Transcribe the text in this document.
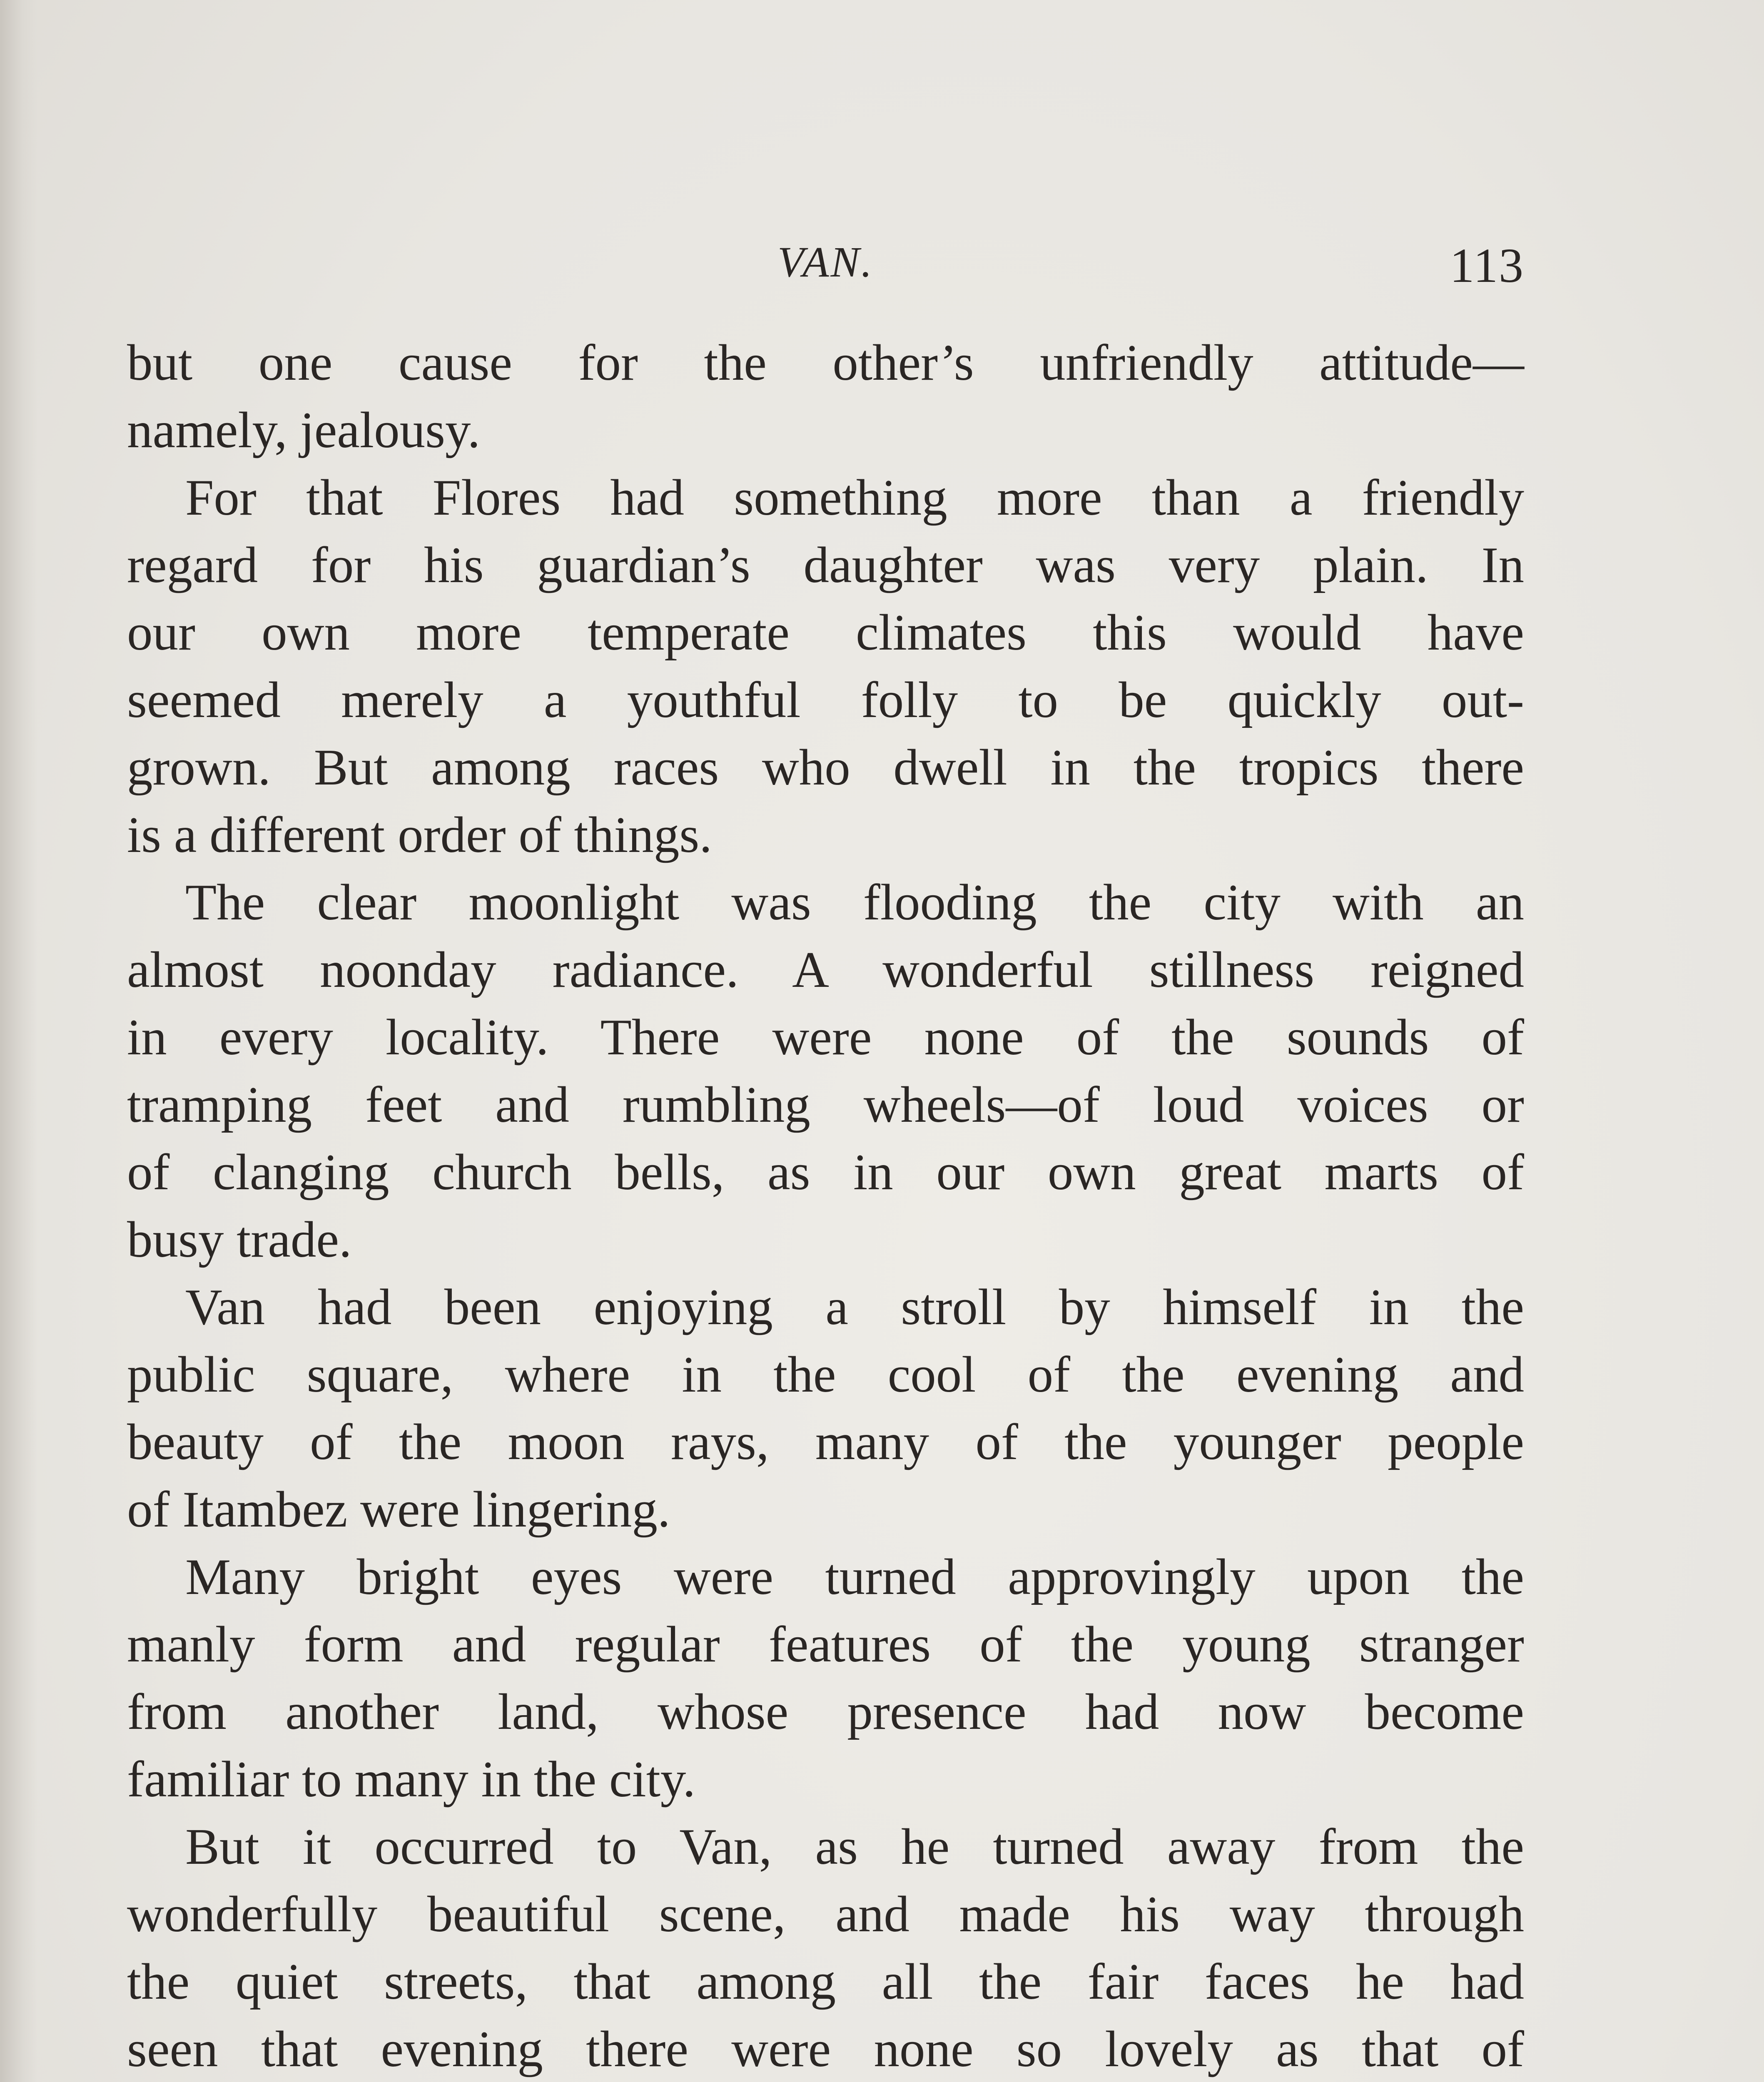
VAN.	113

but one cause for the other’s unfriendly attitude—

namely, jealousy.

For that Flores had something more than a friendly

regard for his guardian’s daughter was very plain. In

our own more temperate climates this would have

seemed merely a youthful folly to be quickly out-

grown. But among races who dwell in the tropics there

is a different order of things.

The clear moonlight was flooding the city with an

almost noonday radiance. A wonderful stillness reigned

in every locality. There were none of the sounds of

tramping feet and rumbling wheels—of loud voices or

of clanging church bells, as in our own great marts of

busy trade.

Van had been enjoying a stroll by himself in the

public square, where in the cool of the evening and

beauty of the moon rays, many of the younger people

of Itambez were lingering.

Many bright eyes were turned approvingly upon the

manly form and regular features of the young stranger

from another land, whose presence had now become

familiar to many in the city.

But it occurred to Van, as he turned away from the

wonderfully beautiful scene, and made his way through

the quiet streets, that among all the fair faces he had

seen that evening there were none so lovely as that of
